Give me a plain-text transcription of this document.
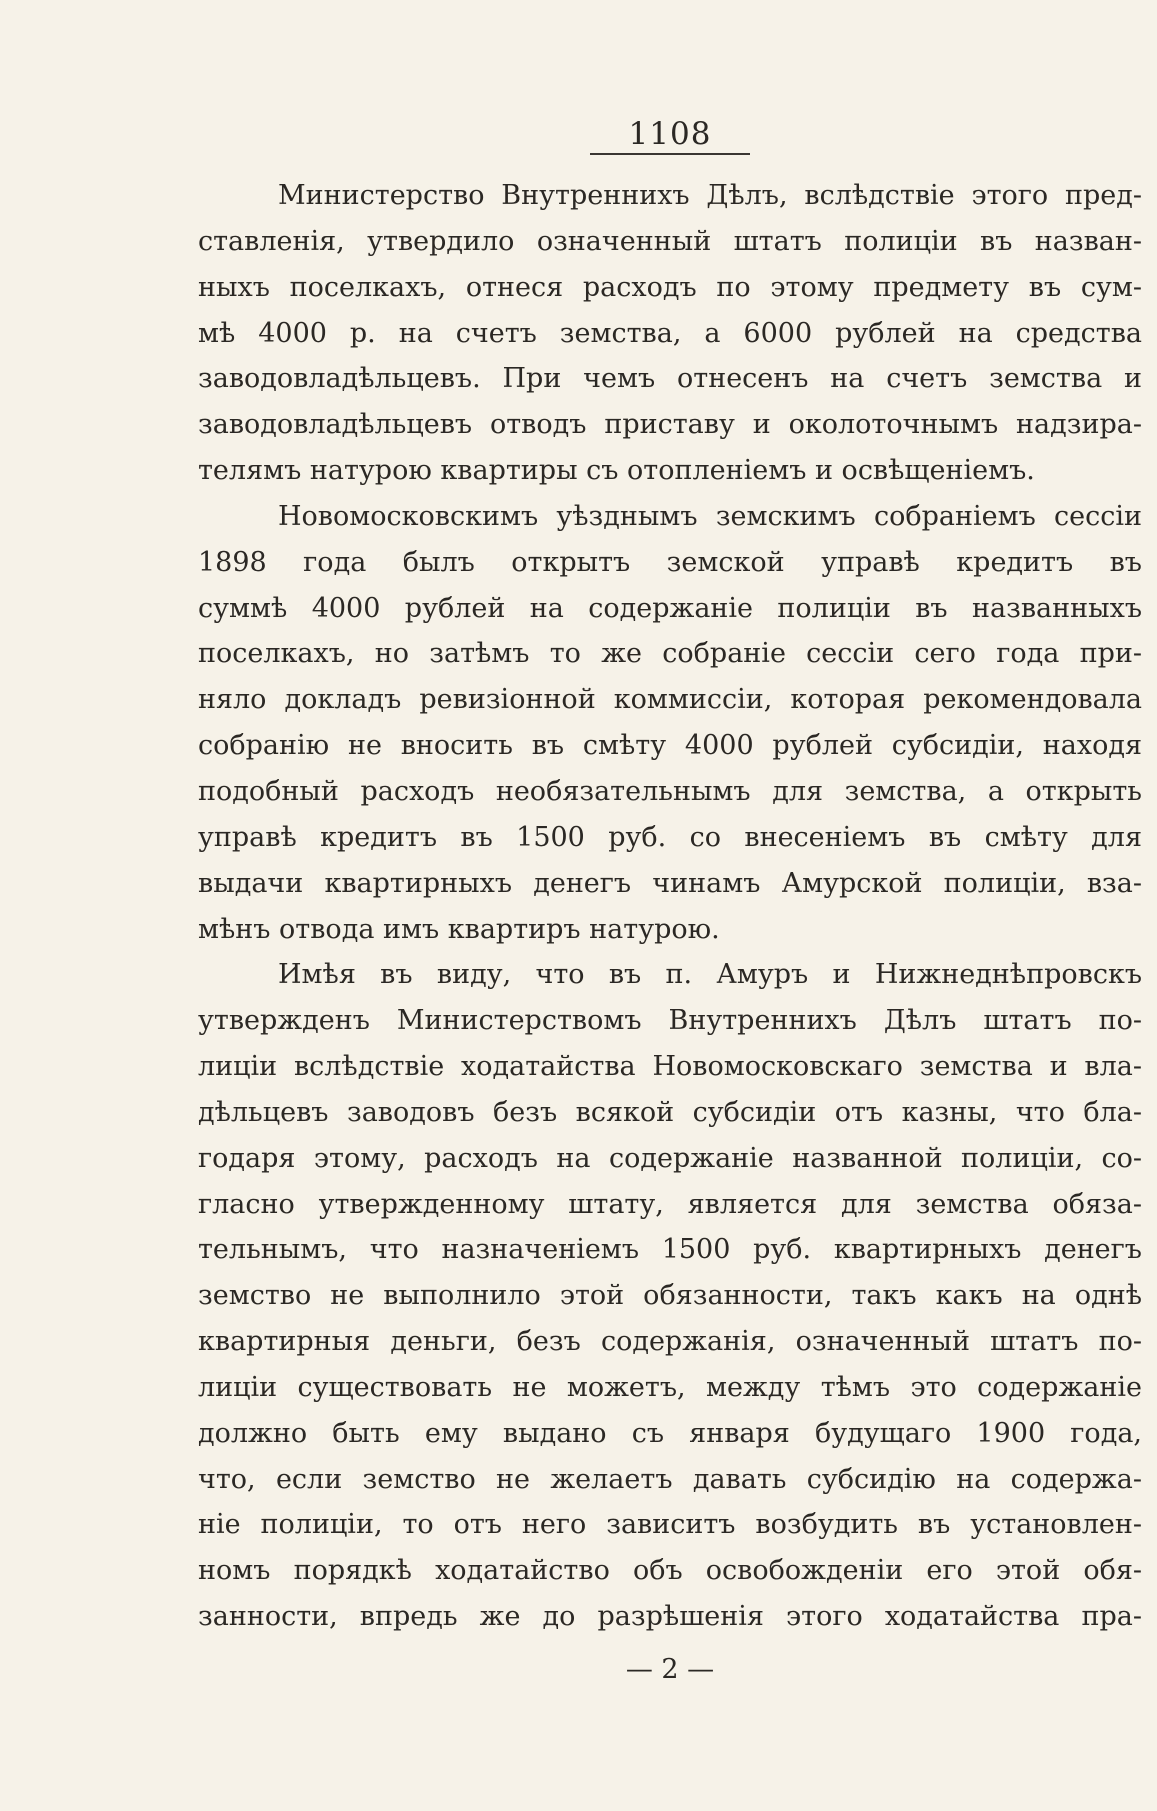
1108
Министерство Внутреннихъ Дѣлъ, вслѣдствіе этого пред-
ставленія, утвердило означенный штатъ полиціи въ назван-
ныхъ поселкахъ, отнеся расходъ по этому предмету въ сум-
мѣ 4000 р. на счетъ земства, а 6000 рублей на средства
заводовладѣльцевъ. При чемъ отнесенъ на счетъ земства и
заводовладѣльцевъ отводъ приставу и околоточнымъ надзира-
телямъ натурою квартиры съ отопленіемъ и освѣщеніемъ.
Новомосковскимъ уѣзднымъ земскимъ собраніемъ сессіи
1898 года былъ открытъ земской управѣ кредитъ въ
суммѣ 4000 рублей на содержаніе полиціи въ названныхъ
поселкахъ, но затѣмъ то же собраніе сессіи сего года при-
няло докладъ ревизіонной коммиссіи, которая рекомендовала
собранію не вносить въ смѣту 4000 рублей субсидіи, находя
подобный расходъ необязательнымъ для земства, а открыть
управѣ кредитъ въ 1500 руб. со внесеніемъ въ смѣту для
выдачи квартирныхъ денегъ чинамъ Амурской полиціи, вза-
мѣнъ отвода имъ квартиръ натурою.
Имѣя въ виду, что въ п. Амуръ и Нижнеднѣпровскъ
утвержденъ Министерствомъ Внутреннихъ Дѣлъ штатъ по-
лиціи вслѣдствіе ходатайства Новомосковскаго земства и вла-
дѣльцевъ заводовъ безъ всякой субсидіи отъ казны, что бла-
годаря этому, расходъ на содержаніе названной полиціи, со-
гласно утвержденному штату, является для земства обяза-
тельнымъ, что назначеніемъ 1500 руб. квартирныхъ денегъ
земство не выполнило этой обязанности, такъ какъ на однѣ
квартирныя деньги, безъ содержанія, означенный штатъ по-
лиціи существовать не можетъ, между тѣмъ это содержаніе
должно быть ему выдано съ января будущаго 1900 года,
что, если земство не желаетъ давать субсидію на содержа-
ніе полиціи, то отъ него зависитъ возбудить въ установлен-
номъ порядкѣ ходатайство объ освобожденіи его этой обя-
занности, впредь же до разрѣшенія этого ходатайства пра-
— 2 —
